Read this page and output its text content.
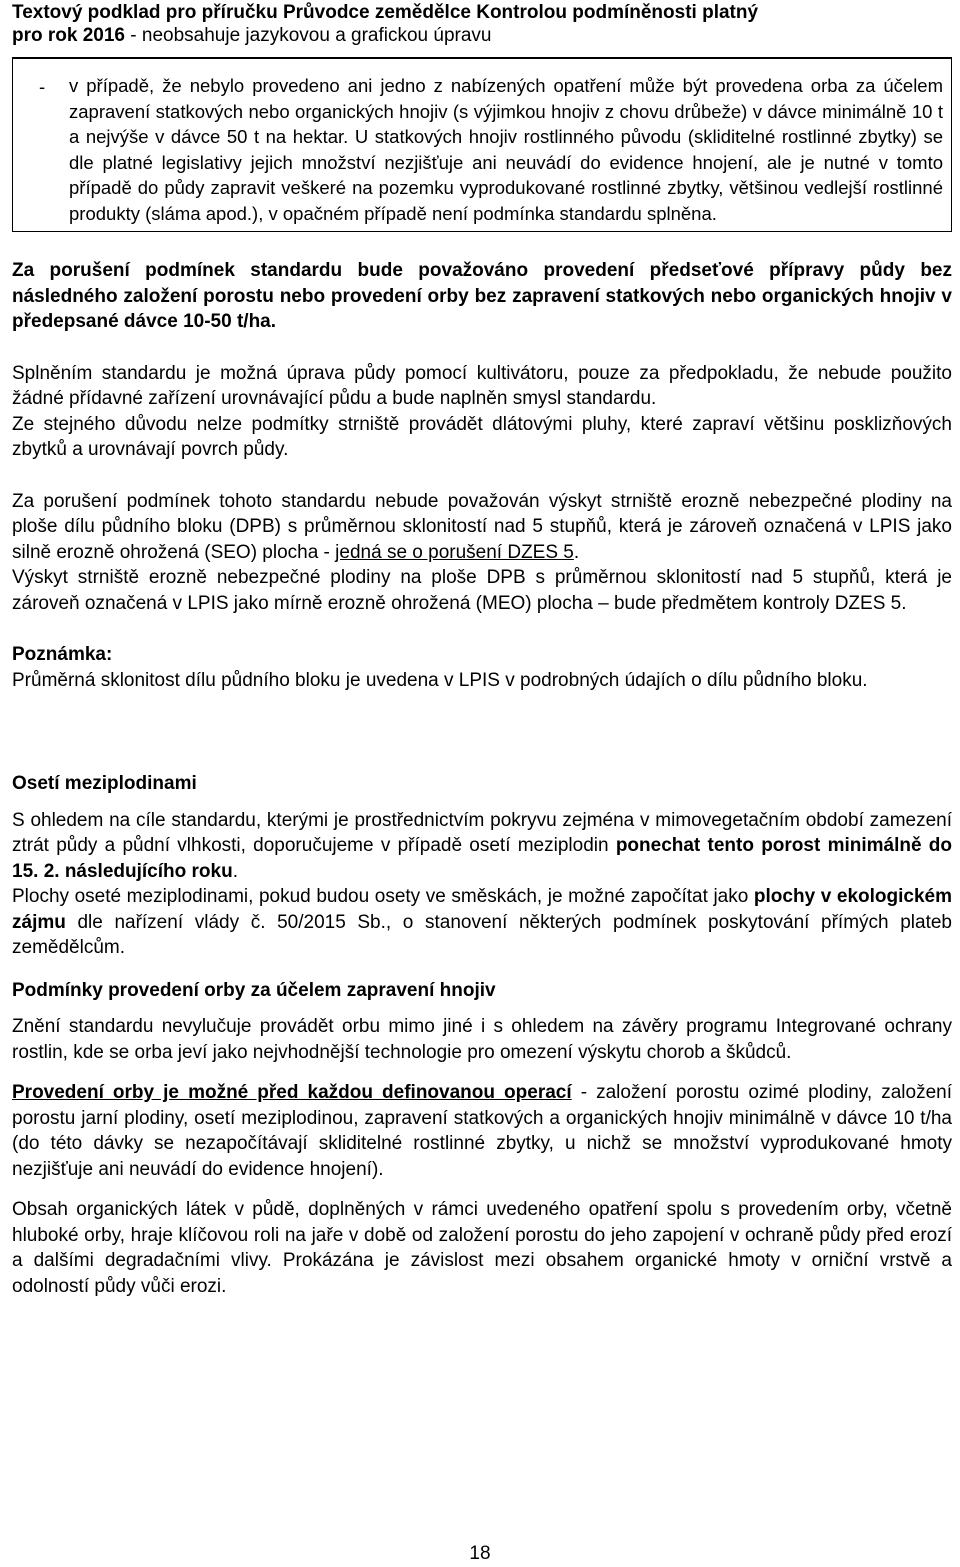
Textový podklad pro příručku Průvodce zemědělce Kontrolou podmíněnosti platný
pro rok 2016 - neobsahuje jazykovou a grafickou úpravu
- v případě, že nebylo provedeno ani jedno z nabízených opatření může být provedena orba za účelem zapravení statkových nebo organických hnojiv (s výjimkou hnojiv z chovu drůbeže) v dávce minimálně 10 t a nejvýše v dávce 50 t na hektar. U statkových hnojiv rostlinného původu (skliditelné rostlinné zbytky) se dle platné legislativy jejich množství nezjišťuje ani neuvádí do evidence hnojení, ale je nutné v tomto případě do půdy zapravit veškeré na pozemku vyprodukované rostlinné zbytky, většinou vedlejší rostlinné produkty (sláma apod.), v opačném případě není podmínka standardu splněna.

Za porušení podmínek standardu bude považováno provedení předseťové přípravy půdy bez následného založení porostu nebo provedení orby bez zapravení statkových nebo organických hnojiv v předepsané dávce 10-50 t/ha.

Splněním standardu je možná úprava půdy pomocí kultivátoru, pouze za předpokladu, že nebude použito žádné přídavné zařízení urovnávající půdu a bude naplněn smysl standardu.

Ze stejného důvodu nelze podmítky strniště provádět dlátovými pluhy, které zapraví většinu posklizňových zbytků a urovnávají povrch půdy.

Za porušení podmínek tohoto standardu nebude považován výskyt strniště erozně nebezpečné plodiny na ploše dílu půdního bloku (DPB) s průměrnou sklonitostí nad 5 stupňů, která je zároveň označená v LPIS jako silně erozně ohrožená (SEO) plocha - jedná se o porušení DZES 5.

Výskyt strniště erozně nebezpečné plodiny na ploše DPB s průměrnou sklonitostí nad 5 stupňů, která je zároveň označená v LPIS jako mírně erozně ohrožená (MEO) plocha – bude předmětem kontroly DZES 5.

Poznámka:

Průměrná sklonitost dílu půdního bloku je uvedena v LPIS v podrobných údajích o dílu půdního bloku.

Osetí meziplodinami

S ohledem na cíle standardu, kterými je prostřednictvím pokryvu zejména v mimovegetačním období zamezení ztrát půdy a půdní vlhkosti, doporučujeme v případě osetí meziplodin ponechat tento porost minimálně do 15. 2. následujícího roku.

Plochy oseté meziplodinami, pokud budou osety ve směskách, je možné započítat jako plochy v ekologickém zájmu dle nařízení vlády č. 50/2015 Sb., o stanovení některých podmínek poskytování přímých plateb zemědělcům.

Podmínky provedení orby za účelem zapravení hnojiv

Znění standardu nevylučuje provádět orbu mimo jiné i s ohledem na závěry programu Integrované ochrany rostlin, kde se orba jeví jako nejvhodnější technologie pro omezení výskytu chorob a škůdců.

Provedení orby je možné před každou definovanou operací - založení porostu ozimé plodiny, založení porostu jarní plodiny, osetí meziplodinou, zapravení statkových a organických hnojiv minimálně v dávce 10 t/ha (do této dávky se nezapočítávají skliditelné rostlinné zbytky, u nichž se množství vyprodukované hmoty nezjišťuje ani neuvádí do evidence hnojení).

Obsah organických látek v půdě, doplněných v rámci uvedeného opatření spolu s provedením orby, včetně hluboké orby, hraje klíčovou roli na jaře v době od založení porostu do jeho zapojení v ochraně půdy před erozí a dalšími degradačními vlivy. Prokázána je závislost mezi obsahem organické hmoty v orniční vrstvě a odolností půdy vůči erozi.

18
